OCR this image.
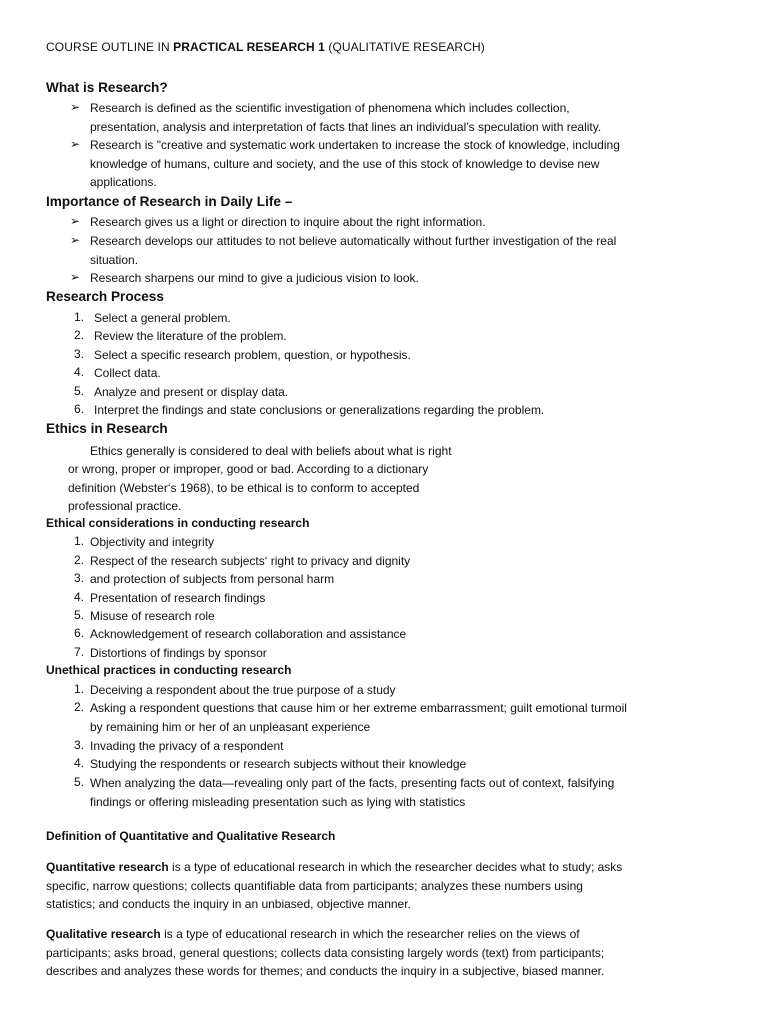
COURSE OUTLINE IN PRACTICAL RESEARCH 1 (QUALITATIVE RESEARCH)
What is Research?
➢ Research is defined as the scientific investigation of phenomena which includes collection,
presentation, analysis and interpretation of facts that lines an individual’s speculation with reality.
➢ Research is "creative and systematic work undertaken to increase the stock of knowledge, including
knowledge of humans, culture and society, and the use of this stock of knowledge to devise new
applications.
Importance of Research in Daily Life –
➢ Research gives us a light or direction to inquire about the right information.
➢ Research develops our attitudes to not believe automatically without further investigation of the real
situation.
➢ Research sharpens our mind to give a judicious vision to look.
Research Process
1. Select a general problem.
2. Review the literature of the problem.
3. Select a specific research problem, question, or hypothesis.
4. Collect data.
5. Analyze and present or display data.
6. Interpret the findings and state conclusions or generalizations regarding the problem.
Ethics in Research
Ethics generally is considered to deal with beliefs about what is right
or wrong, proper or improper, good or bad. According to a dictionary
definition (Webster‘s 1968), to be ethical is to conform to accepted
professional practice.
Ethical considerations in conducting research
1. Objectivity and integrity
2. Respect of the research subjects‘ right to privacy and dignity
3. and protection of subjects from personal harm
4. Presentation of research findings
5. Misuse of research role
6. Acknowledgement of research collaboration and assistance
7. Distortions of findings by sponsor
Unethical practices in conducting research
1. Deceiving a respondent about the true purpose of a study
2. Asking a respondent questions that cause him or her extreme embarrassment; guilt emotional turmoil
by remaining him or her of an unpleasant experience
3. Invading the privacy of a respondent
4. Studying the respondents or research subjects without their knowledge
5. When analyzing the data—revealing only part of the facts, presenting facts out of context, falsifying
findings or offering misleading presentation such as lying with statistics
Definition of Quantitative and Qualitative Research
Quantitative research is a type of educational research in which the researcher decides what to study; asks
specific, narrow questions; collects quantifiable data from participants; analyzes these numbers using
statistics; and conducts the inquiry in an unbiased, objective manner.
Qualitative research is a type of educational research in which the researcher relies on the views of
participants; asks broad, general questions; collects data consisting largely words (text) from participants;
describes and analyzes these words for themes; and conducts the inquiry in a subjective, biased manner.
